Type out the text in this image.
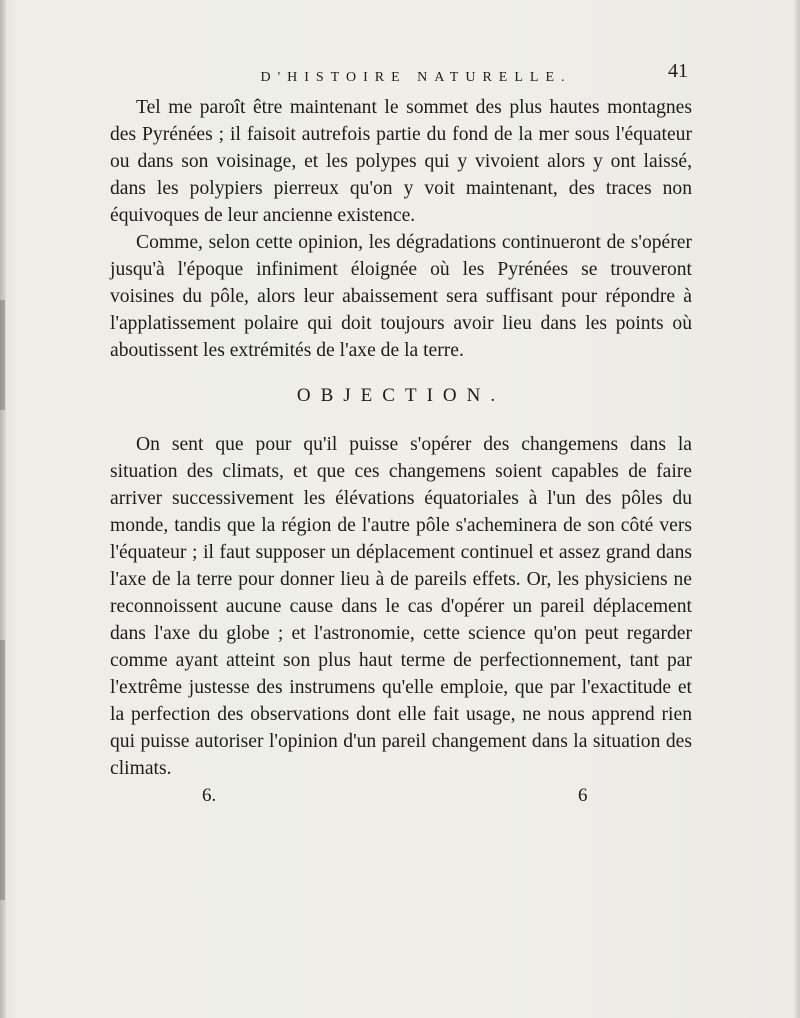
D'HISTOIRE NATURELLE.	41

Tel me paroît être maintenant le sommet des plus hautes montagnes des Pyrénées ; il faisoit autrefois partie du fond de la mer sous l'équateur ou dans son voisinage, et les polypes qui y vivoient alors y ont laissé, dans les polypiers pierreux qu'on y voit maintenant, des traces non équivoques de leur ancienne existence.

Comme, selon cette opinion, les dégradations continueront de s'opérer jusqu'à l'époque infiniment éloignée où les Pyrénées se trouveront voisines du pôle, alors leur abaissement sera suffisant pour répondre à l'applatissement polaire qui doit toujours avoir lieu dans les points où aboutissent les extrémités de l'axe de la terre.

OBJECTION.

On sent que pour qu'il puisse s'opérer des changemens dans la situation des climats, et que ces changemens soient capables de faire arriver successivement les élévations équatoriales à l'un des pôles du monde, tandis que la région de l'autre pôle s'acheminera de son côté vers l'équateur ; il faut supposer un déplacement continuel et assez grand dans l'axe de la terre pour donner lieu à de pareils effets. Or, les physiciens ne reconnoissent aucune cause dans le cas d'opérer un pareil déplacement dans l'axe du globe ; et l'astronomie, cette science qu'on peut regarder comme ayant atteint son plus haut terme de perfectionnement, tant par l'extrême justesse des instrumens qu'elle emploie, que par l'exactitude et la perfection des observations dont elle fait usage, ne nous apprend rien qui puisse autoriser l'opinion d'un pareil changement dans la situation des climats.

6.	6
